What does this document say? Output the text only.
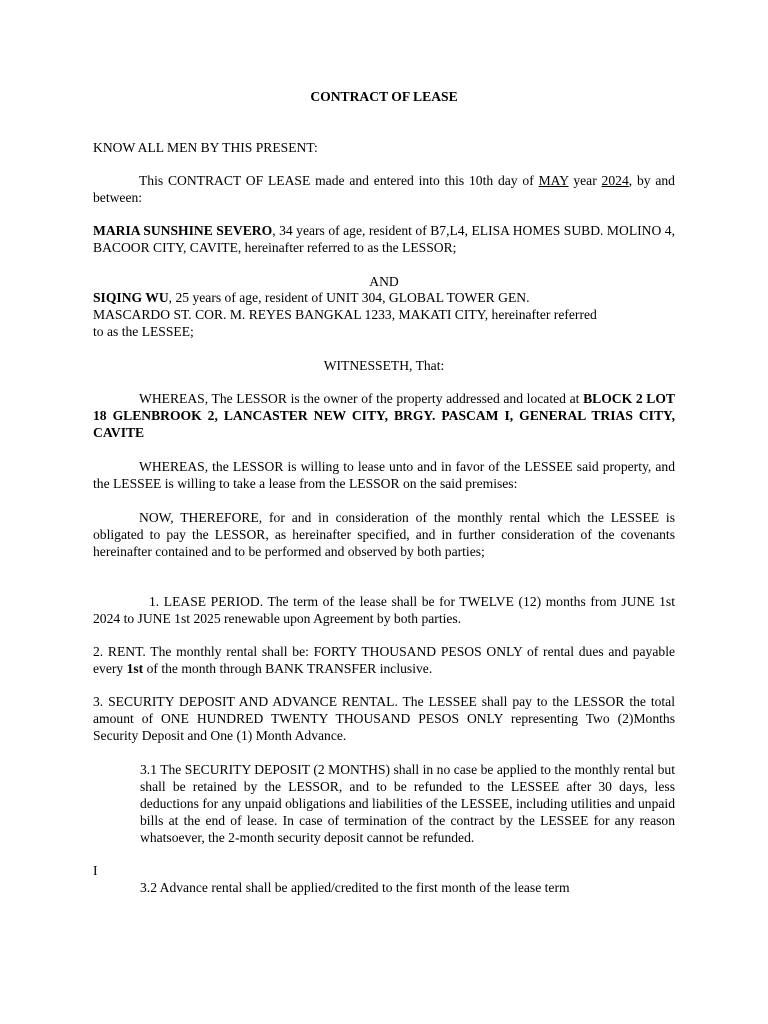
CONTRACT OF LEASE
KNOW ALL MEN BY THIS PRESENT:
This CONTRACT OF LEASE made and entered into this 10th day of MAY year 2024, by and between:
MARIA SUNSHINE SEVERO, 34 years of age, resident of B7,L4, ELISA HOMES SUBD. MOLINO 4, BACOOR CITY, CAVITE, hereinafter referred to as the LESSOR;
AND
SIQING WU, 25 years of age, resident of UNIT 304, GLOBAL TOWER GEN.
MASCARDO ST. COR. M. REYES BANGKAL 1233, MAKATI CITY, hereinafter referred
to as the LESSEE;
WITNESSETH, That:
WHEREAS, The LESSOR is the owner of the property addressed and located at BLOCK 2 LOT 18 GLENBROOK 2, LANCASTER NEW CITY, BRGY. PASCAM I, GENERAL TRIAS CITY, CAVITE
WHEREAS, the LESSOR is willing to lease unto and in favor of the LESSEE said property, and the LESSEE is willing to take a lease from the LESSOR on the said premises:
NOW, THEREFORE, for and in consideration of the monthly rental which the LESSEE is obligated to pay the LESSOR, as hereinafter specified, and in further consideration of the covenants hereinafter contained and to be performed and observed by both parties;
1. LEASE PERIOD. The term of the lease shall be for TWELVE (12) months from JUNE 1st 2024 to JUNE 1st 2025 renewable upon Agreement by both parties.
2. RENT. The monthly rental shall be: FORTY THOUSAND PESOS ONLY of rental dues and payable every 1st of the month through BANK TRANSFER inclusive.
3. SECURITY DEPOSIT AND ADVANCE RENTAL. The LESSEE shall pay to the LESSOR the total amount of ONE HUNDRED TWENTY THOUSAND PESOS ONLY representing Two (2)Months Security Deposit and One (1) Month Advance.
3.1 The SECURITY DEPOSIT (2 MONTHS) shall in no case be applied to the monthly rental but shall be retained by the LESSOR, and to be refunded to the LESSEE after 30 days, less deductions for any unpaid obligations and liabilities of the LESSEE, including utilities and unpaid bills at the end of lease. In case of termination of the contract by the LESSEE for any reason whatsoever, the 2-month security deposit cannot be refunded.
I
3.2 Advance rental shall be applied/credited to the first month of the lease term
